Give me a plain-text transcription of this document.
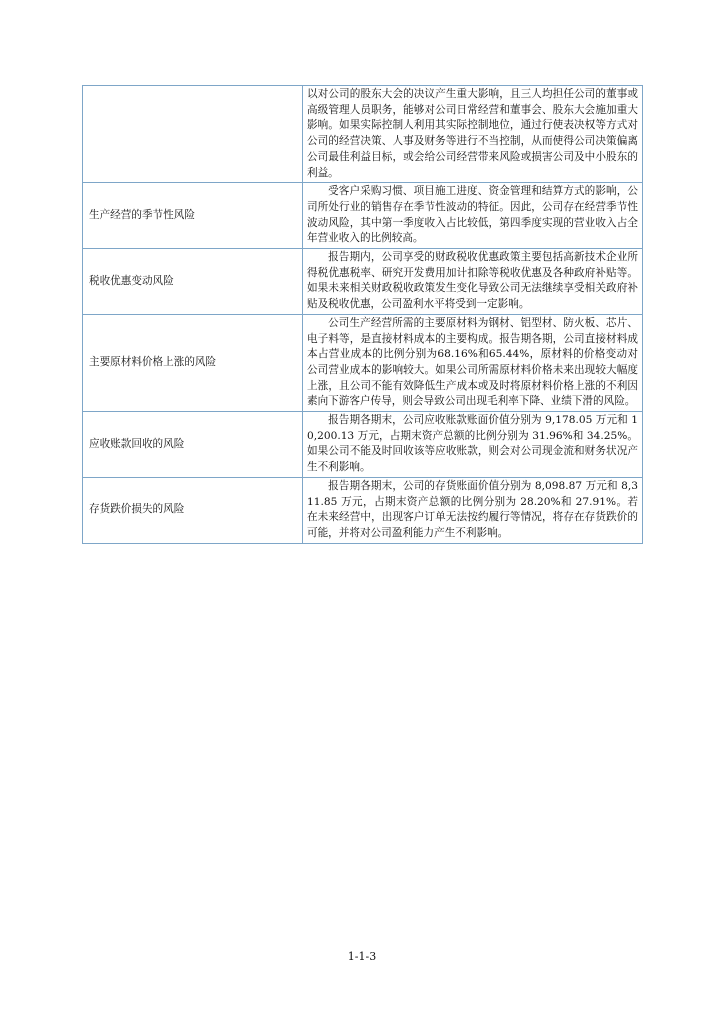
	以对公司的股东大会的决议产生重大影响，且三人均担任公司的董事或高级管理人员职务，能够对公司日常经营和董事会、股东大会施加重大影响。如果实际控制人利用其实际控制地位，通过行使表决权等方式对公司的经营决策、人事及财务等进行不当控制，从而使得公司决策偏离公司最佳利益目标，或会给公司经营带来风险或损害公司及中小股东的利益。
生产经营的季节性风险	受客户采购习惯、项目施工进度、资金管理和结算方式的影响，公司所处行业的销售存在季节性波动的特征。因此，公司存在经营季节性波动风险，其中第一季度收入占比较低，第四季度实现的营业收入占全年营业收入的比例较高。
税收优惠变动风险	报告期内，公司享受的财政税收优惠政策主要包括高新技术企业所得税优惠税率、研究开发费用加计扣除等税收优惠及各种政府补贴等。如果未来相关财政税收政策发生变化导致公司无法继续享受相关政府补贴及税收优惠，公司盈利水平将受到一定影响。
主要原材料价格上涨的风险	公司生产经营所需的主要原材料为钢材、铝型材、防火板、芯片、电子料等，是直接材料成本的主要构成。报告期各期，公司直接材料成本占营业成本的比例分别为68.16%和65.44%，原材料的价格变动对公司营业成本的影响较大。如果公司所需原材料价格未来出现较大幅度上涨，且公司不能有效降低生产成本或及时将原材料价格上涨的不利因素向下游客户传导，则会导致公司出现毛利率下降、业绩下滑的风险。
应收账款回收的风险	报告期各期末，公司应收账款账面价值分别为 9,178.05 万元和 10,200.13 万元，占期末资产总额的比例分别为 31.96%和 34.25%。如果公司不能及时回收该等应收账款，则会对公司现金流和财务状况产生不利影响。
存货跌价损失的风险	报告期各期末，公司的存货账面价值分别为 8,098.87 万元和 8,311.85 万元，占期末资产总额的比例分别为 28.20%和 27.91%。若在未来经营中，出现客户订单无法按约履行等情况，将存在存货跌价的可能，并将对公司盈利能力产生不利影响。
1-1-3
